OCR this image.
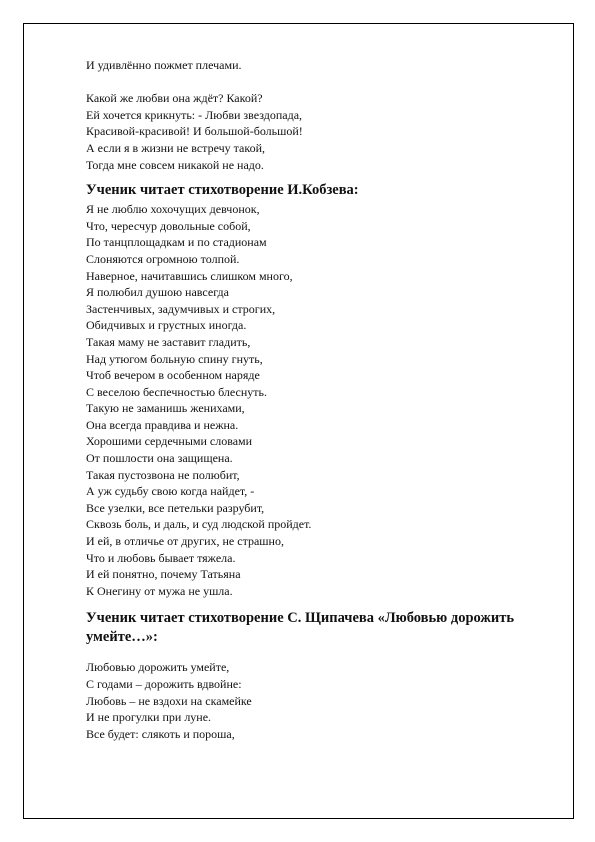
И удивлённо пожмет плечами.

Какой же любви она ждёт? Какой?

Ей хочется крикнуть: - Любви звездопада,

Красивой-красивой! И большой-большой!

А если я в жизни не встречу такой,

Тогда мне совсем никакой не надо.

Ученик читает стихотворение И.Кобзева:

Я не люблю хохочущих девчонок,

Что, чересчур довольные собой,

По танцплощадкам и по стадионам

Слоняются огромною толпой.

Наверное, начитавшись слишком много,

Я полюбил душою навсегда

Застенчивых, задумчивых и строгих,

Обидчивых и грустных иногда.

Такая маму не заставит гладить,

Над утюгом больную спину гнуть,

Чтоб вечером в особенном наряде

С веселою беспечностью блеснуть.

Такую не заманишь женихами,

Она всегда правдива и нежна.

Хорошими сердечными словами

От пошлости она защищена.

Такая пустозвона не полюбит,

А уж судьбу свою когда найдет, -

Все узелки, все петельки разрубит,

Сквозь боль, и даль, и суд людской пройдет.

И ей, в отличье от других, не страшно,

Что и любовь бывает тяжела.

И ей понятно, почему Татьяна

К Онегину от мужа не ушла.

Ученик читает стихотворение С. Щипачева «Любовью дорожить умейте…»:

Любовью дорожить умейте,

С годами – дорожить вдвойне:

Любовь – не вздохи на скамейке

И не прогулки при луне.

Все будет: слякоть и пороша,
